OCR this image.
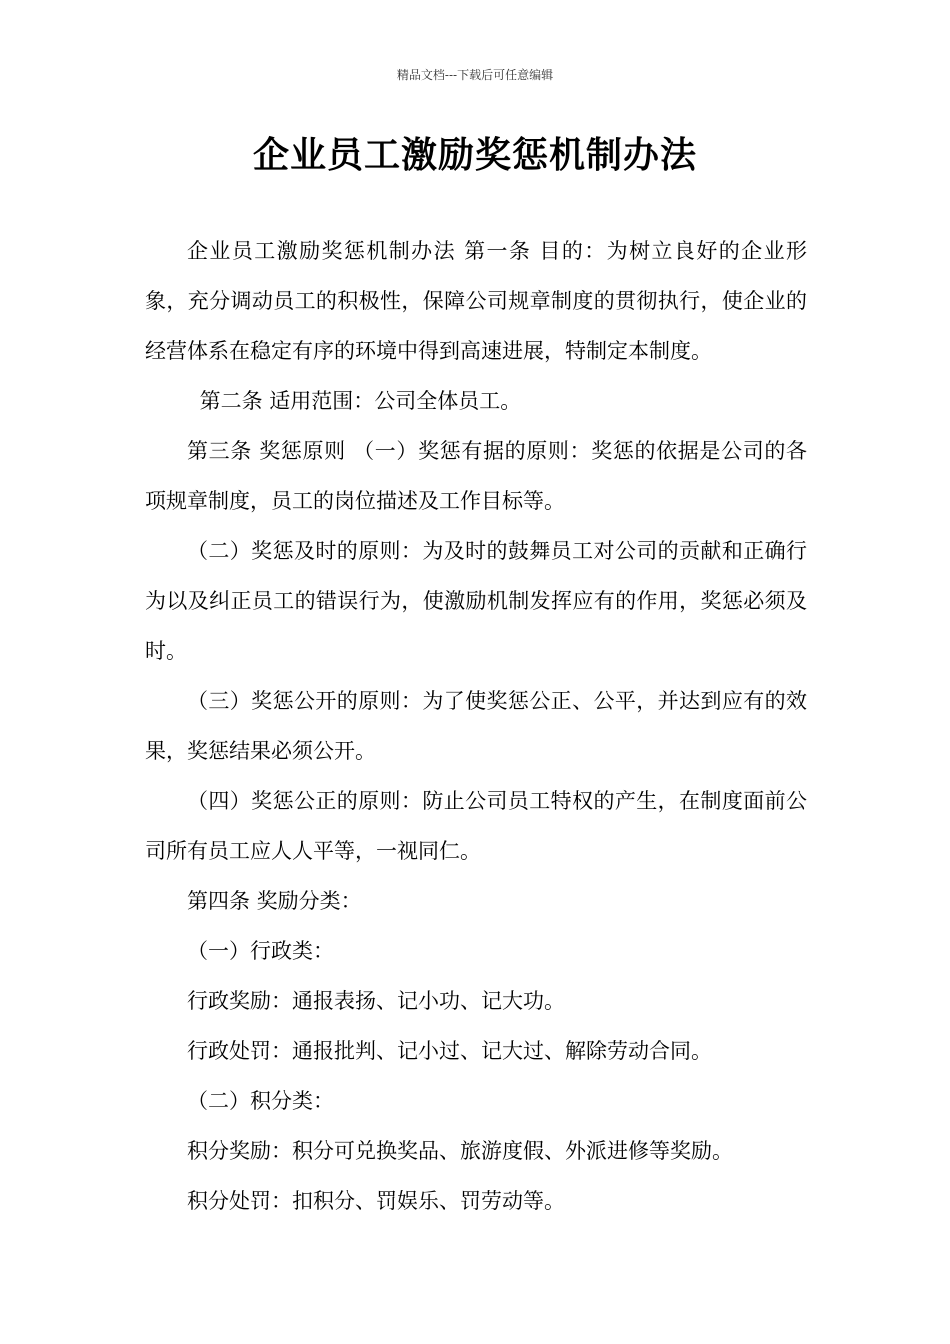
精品文档---下载后可任意编辑
企业员工激励奖惩机制办法

企业员工激励奖惩机制办法 第一条 目的：为树立良好的企业形象，充分调动员工的积极性，保障公司规章制度的贯彻执行，使企业的经营体系在稳定有序的环境中得到高速进展，特制定本制度。

第二条 适用范围：公司全体员工。

第三条 奖惩原则 （一）奖惩有据的原则：奖惩的依据是公司的各项规章制度，员工的岗位描述及工作目标等。

（二）奖惩及时的原则：为及时的鼓舞员工对公司的贡献和正确行为以及纠正员工的错误行为，使激励机制发挥应有的作用，奖惩必须及时。

（三）奖惩公开的原则：为了使奖惩公正、公平，并达到应有的效果，奖惩结果必须公开。

（四）奖惩公正的原则：防止公司员工特权的产生，在制度面前公司所有员工应人人平等，一视同仁。

第四条 奖励分类：

（一）行政类：

行政奖励：通报表扬、记小功、记大功。

行政处罚：通报批判、记小过、记大过、解除劳动合同。

（二）积分类：

积分奖励：积分可兑换奖品、旅游度假、外派进修等奖励。

积分处罚：扣积分、罚娱乐、罚劳动等。
